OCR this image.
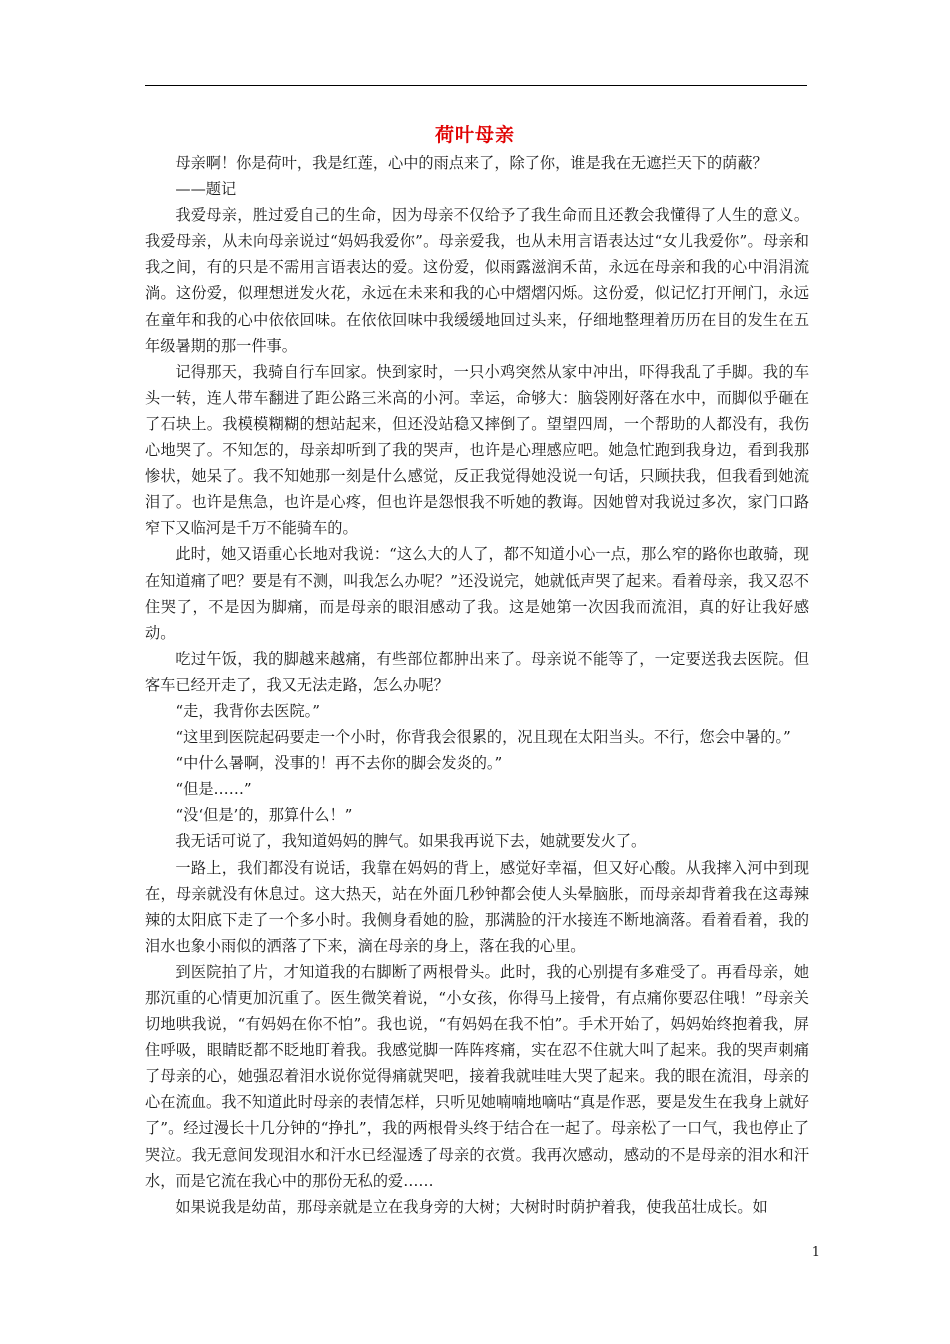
荷叶母亲

母亲啊！你是荷叶，我是红莲，心中的雨点来了，除了你，谁是我在无遮拦天下的荫蔽？

——题记

我爱母亲，胜过爱自己的生命，因为母亲不仅给予了我生命而且还教会我懂得了人生的意义。我爱母亲，从未向母亲说过“妈妈我爱你”。母亲爱我，也从未用言语表达过“女儿我爱你”。母亲和我之间，有的只是不需用言语表达的爱。这份爱，似雨露滋润禾苗，永远在母亲和我的心中涓涓流淌。这份爱，似理想迸发火花，永远在未来和我的心中熠熠闪烁。这份爱，似记忆打开闸门，永远在童年和我的心中依依回味。在依依回味中我缓缓地回过头来，仔细地整理着历历在目的发生在五年级暑期的那一件事。

记得那天，我骑自行车回家。快到家时，一只小鸡突然从家中冲出，吓得我乱了手脚。我的车头一转，连人带车翻进了距公路三米高的小河。幸运，命够大：脑袋刚好落在水中，而脚似乎砸在了石块上。我模模糊糊的想站起来，但还没站稳又摔倒了。望望四周，一个帮助的人都没有，我伤心地哭了。不知怎的，母亲却听到了我的哭声，也许是心理感应吧。她急忙跑到我身边，看到我那惨状，她呆了。我不知她那一刻是什么感觉，反正我觉得她没说一句话，只顾扶我，但我看到她流泪了。也许是焦急，也许是心疼，但也许是怨恨我不听她的教诲。因她曾对我说过多次，家门口路窄下又临河是千万不能骑车的。

此时，她又语重心长地对我说：“这么大的人了，都不知道小心一点，那么窄的路你也敢骑，现在知道痛了吧？要是有不测，叫我怎么办呢？”还没说完，她就低声哭了起来。看着母亲，我又忍不住哭了，不是因为脚痛，而是母亲的眼泪感动了我。这是她第一次因我而流泪，真的好让我好感动。

吃过午饭，我的脚越来越痛，有些部位都肿出来了。母亲说不能等了，一定要送我去医院。但客车已经开走了，我又无法走路，怎么办呢？

“走，我背你去医院。”

“这里到医院起码要走一个小时，你背我会很累的，况且现在太阳当头。不行，您会中暑的。”

“中什么暑啊，没事的！再不去你的脚会发炎的。”

“但是……”

“没‘但是’的，那算什么！”

我无话可说了，我知道妈妈的脾气。如果我再说下去，她就要发火了。

一路上，我们都没有说话，我靠在妈妈的背上，感觉好幸福，但又好心酸。从我摔入河中到现在，母亲就没有休息过。这大热天，站在外面几秒钟都会使人头晕脑胀，而母亲却背着我在这毒辣辣的太阳底下走了一个多小时。我侧身看她的脸，那满脸的汗水接连不断地滴落。看着看着，我的泪水也象小雨似的洒落了下来，滴在母亲的身上，落在我的心里。

到医院拍了片，才知道我的右脚断了两根骨头。此时，我的心别提有多难受了。再看母亲，她那沉重的心情更加沉重了。医生微笑着说，“小女孩，你得马上接骨，有点痛你要忍住哦！”母亲关切地哄我说，“有妈妈在你不怕”。我也说，“有妈妈在我不怕”。手术开始了，妈妈始终抱着我，屏住呼吸，眼睛眨都不眨地盯着我。我感觉脚一阵阵疼痛，实在忍不住就大叫了起来。我的哭声刺痛了母亲的心，她强忍着泪水说你觉得痛就哭吧，接着我就哇哇大哭了起来。我的眼在流泪，母亲的心在流血。我不知道此时母亲的表情怎样，只听见她喃喃地嘀咕“真是作恶，要是发生在我身上就好了”。经过漫长十几分钟的“挣扎”，我的两根骨头终于结合在一起了。母亲松了一口气，我也停止了哭泣。我无意间发现泪水和汗水已经湿透了母亲的衣赏。我再次感动，感动的不是母亲的泪水和汗水，而是它流在我心中的那份无私的爱……

如果说我是幼苗，那母亲就是立在我身旁的大树；大树时时荫护着我，使我茁壮成长。如

1
